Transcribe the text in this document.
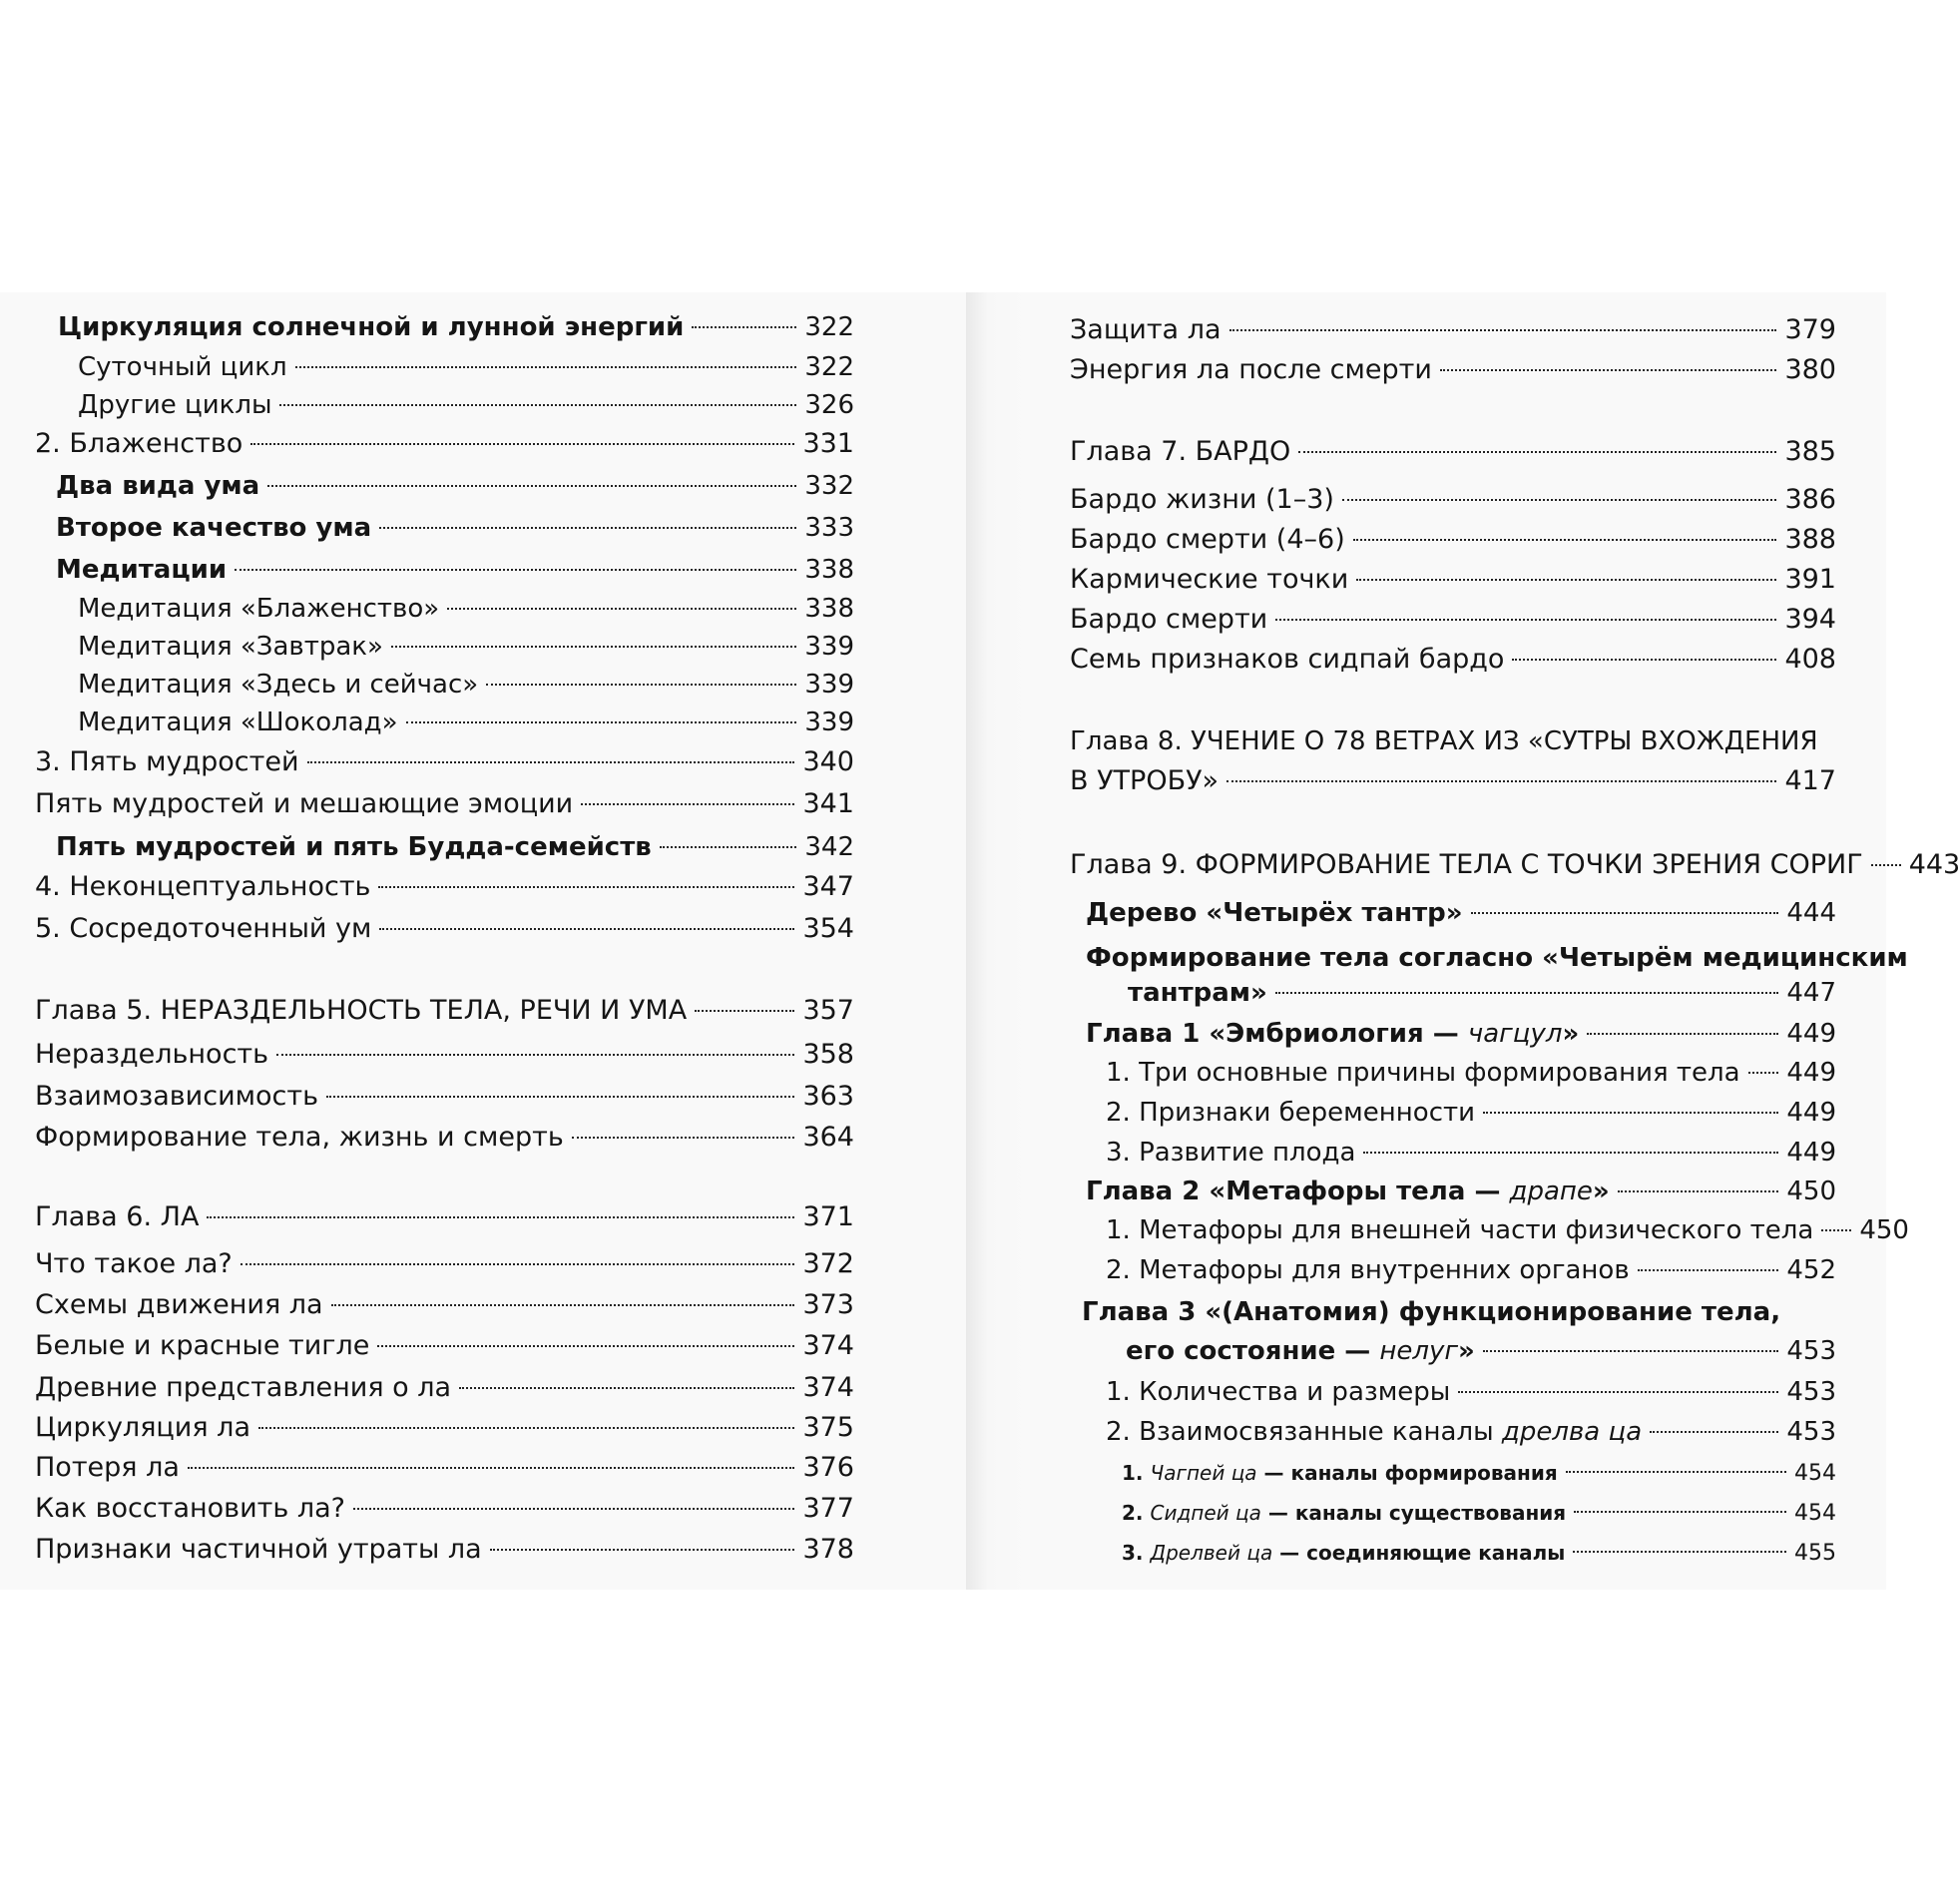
Циркуляция солнечной и лунной энергий	322
Суточный цикл	322
Другие циклы	326
2. Блаженство	331
Два вида ума	332
Второе качество ума	333
Медитации	338
Медитация «Блаженство»	338
Медитация «Завтрак»	339
Медитация «Здесь и сейчас»	339
Медитация «Шоколад»	339
3. Пять мудростей	340
Пять мудростей и мешающие эмоции	341
Пять мудростей и пять Будда-семейств	342
4. Неконцептуальность	347
5. Сосредоточенный ум	354
Глава 5. НЕРАЗДЕЛЬНОСТЬ ТЕЛА, РЕЧИ И УМА	357
Нераздельность	358
Взаимозависимость	363
Формирование тела, жизнь и смерть	364
Глава 6. ЛА	371
Что такое ла?	372
Схемы движения ла	373
Белые и красные тигле	374
Древние представления о ла	374
Циркуляция ла	375
Потеря ла	376
Как восстановить ла?	377
Признаки частичной утраты ла	378
Защита ла	379
Энергия ла после смерти	380
Глава 7. БАРДО	385
Бардо жизни (1–3)	386
Бардо смерти (4–6)	388
Кармические точки	391
Бардо смерти	394
Семь признаков сидпай бардо	408
Глава 8. УЧЕНИЕ О 78 ВЕТРАХ ИЗ «СУТРЫ ВХОЖДЕНИЯ
В УТРОБУ»	417
Глава 9. ФОРМИРОВАНИЕ ТЕЛА С ТОЧКИ ЗРЕНИЯ СОРИГ 443
Дерево «Четырёх тантр»	444
Формирование тела согласно «Четырём медицинским
тантрам»	447
Глава 1 «Эмбриология — чагцул»	449
1. Три основные причины формирования тела 449
2. Признаки беременности	449
3. Развитие плода	449
Глава 2 «Метафоры тела — драпе»	450
1. Метафоры для внешней части физического тела 450
2. Метафоры для внутренних органов	452
Глава 3 «(Анатомия) функционирование тела,
его состояние — нелуг»	453
1. Количества и размеры	453
2. Взаимосвязанные каналы дрелва ца	453
1. Чагпей ца — каналы формирования	454
2. Сидпей ца — каналы существования	454
3. Дрелвей ца — соединяющие каналы	455
